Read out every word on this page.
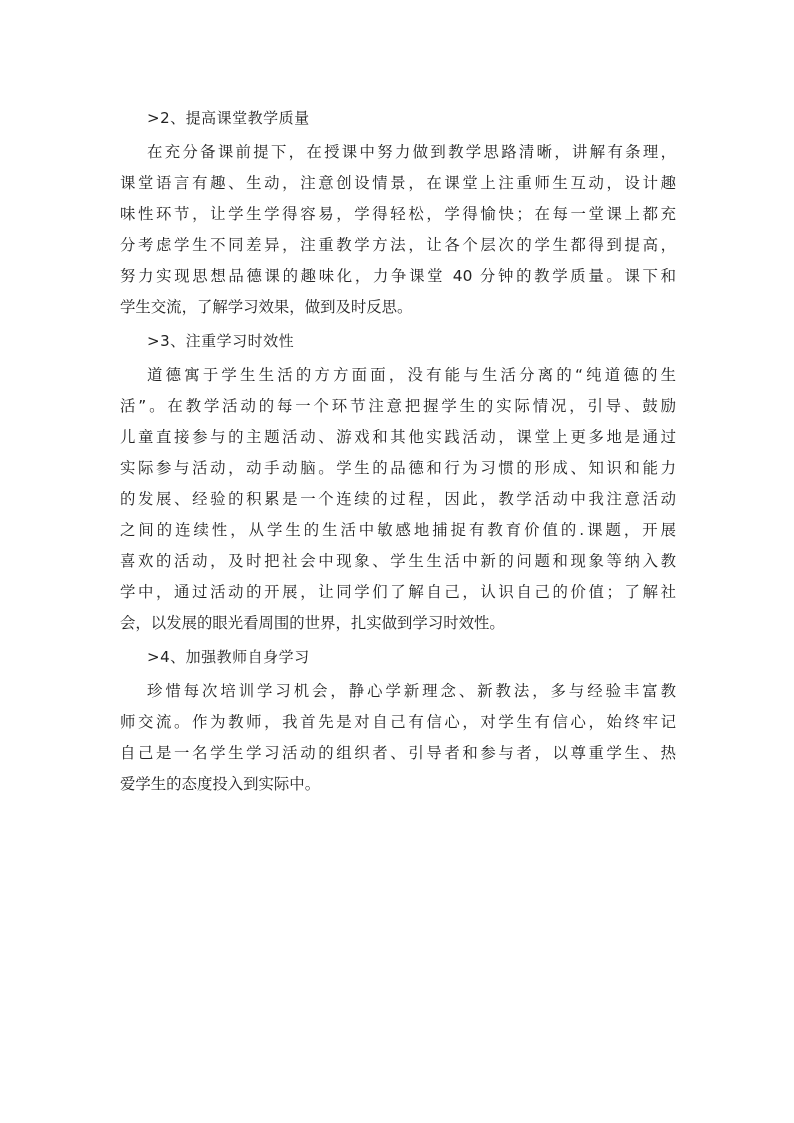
>2、提高课堂教学质量

在充分备课前提下，在授课中努力做到教学思路清晰，讲解有条理，

课堂语言有趣、生动，注意创设情景，在课堂上注重师生互动，设计趣

味性环节，让学生学得容易，学得轻松，学得愉快；在每一堂课上都充

分考虑学生不同差异，注重教学方法，让各个层次的学生都得到提高，

努力实现思想品德课的趣味化，力争课堂 40 分钟的教学质量。课下和

学生交流，了解学习效果，做到及时反思。

>3、注重学习时效性

道德寓于学生生活的方方面面，没有能与生活分离的“纯道德的生

活”。在教学活动的每一个环节注意把握学生的实际情况，引导、鼓励

儿童直接参与的主题活动、游戏和其他实践活动，课堂上更多地是通过

实际参与活动，动手动脑。学生的品德和行为习惯的形成、知识和能力

的发展、经验的积累是一个连续的过程，因此，教学活动中我注意活动

之间的连续性，从学生的生活中敏感地捕捉有教育价值的.课题，开展

喜欢的活动，及时把社会中现象、学生生活中新的问题和现象等纳入教

学中，通过活动的开展，让同学们了解自己，认识自己的价值；了解社

会，以发展的眼光看周围的世界，扎实做到学习时效性。

>4、加强教师自身学习

珍惜每次培训学习机会，静心学新理念、新教法，多与经验丰富教

师交流。作为教师，我首先是对自己有信心，对学生有信心，始终牢记

自己是一名学生学习活动的组织者、引导者和参与者，以尊重学生、热

爱学生的态度投入到实际中。
